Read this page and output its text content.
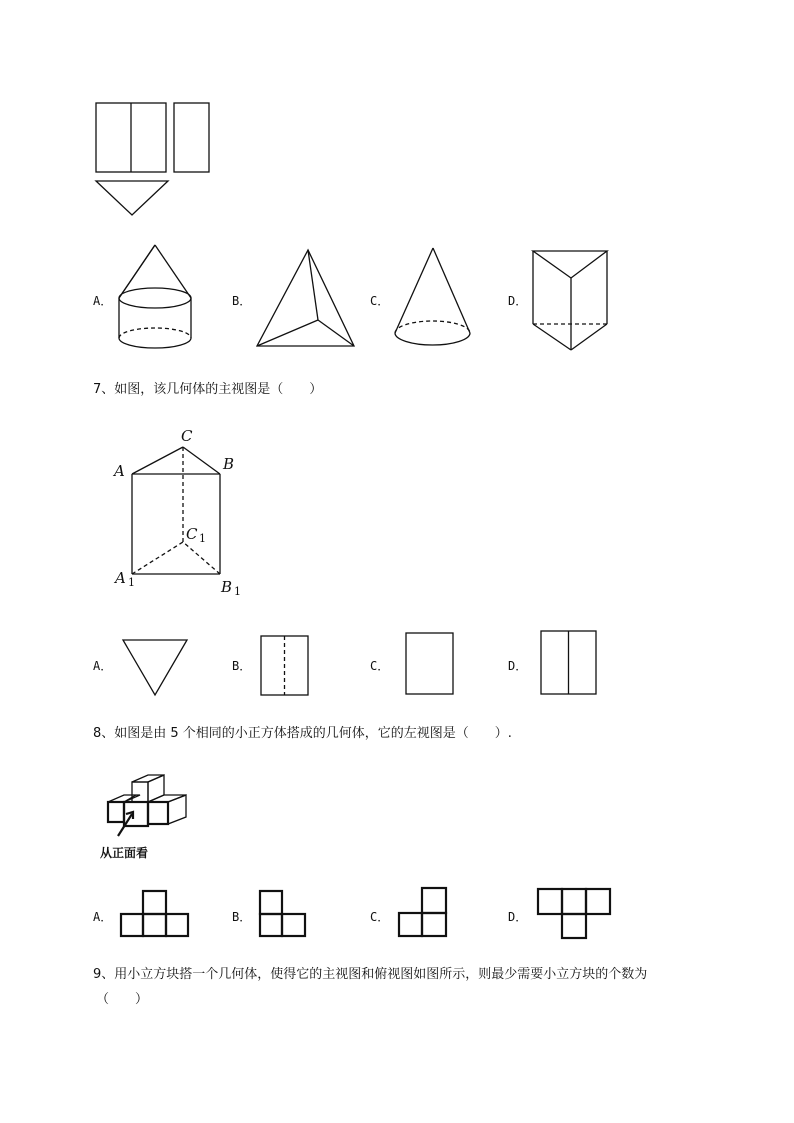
A．	B．	C．	D．
7、如图，该几何体的主视图是（　　）
C
A	B
C 1
A 1	B 1
A．	B．	C．	D．
8、如图是由 5 个相同的小正方体搭成的几何体，它的左视图是（　　）.
从正面看
A．	B．	C．	D．
9、用小立方块搭一个几何体，使得它的主视图和俯视图如图所示，则最少需要小立方块的个数为
（　　）
